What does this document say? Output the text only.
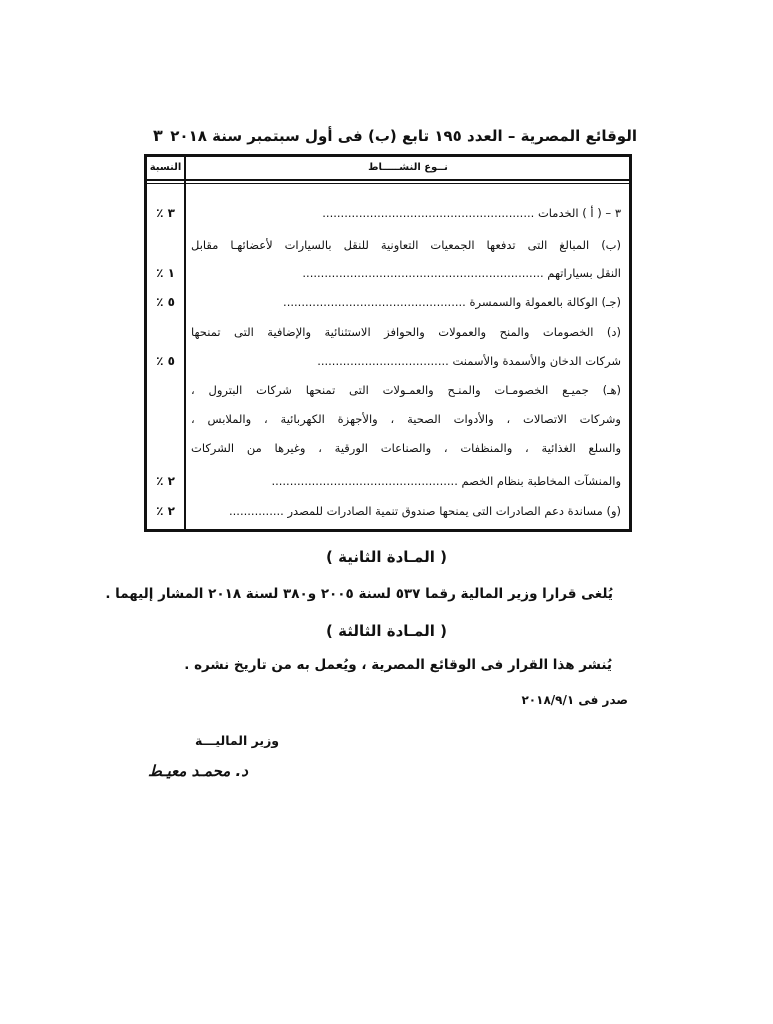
الوقائع المصرية – العدد ١٩٥ تابع (ب) فى أول سبتمبر سنة ٢٠١٨
٣
نــوع النشـــــاط
النسبة
٣ – ( أ ) الخدمات ..........................................................
٣ ٪
(ب) المبالغ التى تدفعها الجمعيات التعاونية للنقل بالسيارات لأعضائهـا مقابل
النقل بسياراتهم ..................................................................
١ ٪
(جـ) الوكالة بالعمولة والسمسرة ..................................................
٥ ٪
(د) الخصومات والمنح والعمولات والحوافز الاستثنائية والإضافية التى تمنحها
شركات الدخان والأسمدة والأسمنت ....................................
٥ ٪
(هـ) جميـع الخصومـات والمنـح والعمـولات التى تمنحها شركات البترول ،
وشركات الاتصالات ، والأدوات الصحية ، والأجهزة الكهربائية ، والملابس ،
والسلع الغذائية ، والمنظفات ، والصناعات الورقية ، وغيرها من الشركات
والمنشآت المخاطبة بنظام الخصم ...................................................
٢ ٪
(و) مساندة دعم الصادرات التى يمنحها صندوق تنمية الصادرات للمصدر ...............
٢ ٪
( المـادة الثانية )
يُلغى قرارا وزير المالية رقما ٥٣٧ لسنة ٢٠٠٥ و٣٨٠ لسنة ٢٠١٨ المشار إليهما .
( المـادة الثالثة )
يُنشر هذا القرار فى الوقائع المصرية ، ويُعمل به من تاريخ نشره .
صدر فى ٢٠١٨/٩/١
وزير الماليـــة
د. محمـد معيـط
